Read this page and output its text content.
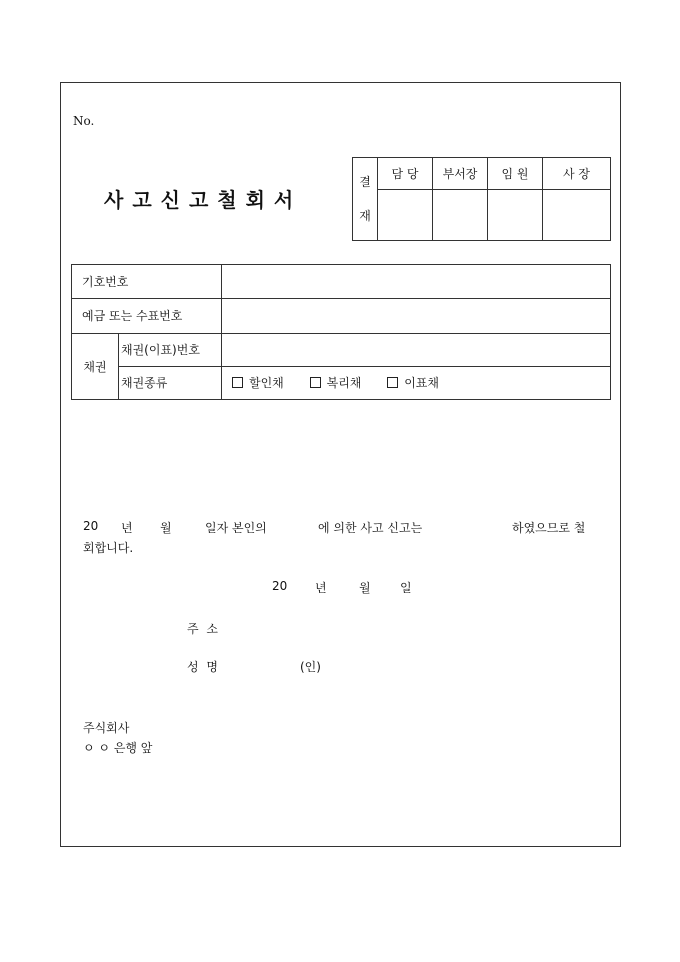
No.
사고신고철회서
결
재	담 당	부서장	임 원	사 장

기호번호		
예금 또는 수표번호		
채권	채권(이표)번호	
	채권종류	할인채 복리채 이표채
20 년 월	일자 본인의	에 의한 사고 신고는	하였으므로 철
회합니다.
20 년	월 일
주 소
성 명	(인)
주식회사
ㅇ ㅇ 은행 앞
